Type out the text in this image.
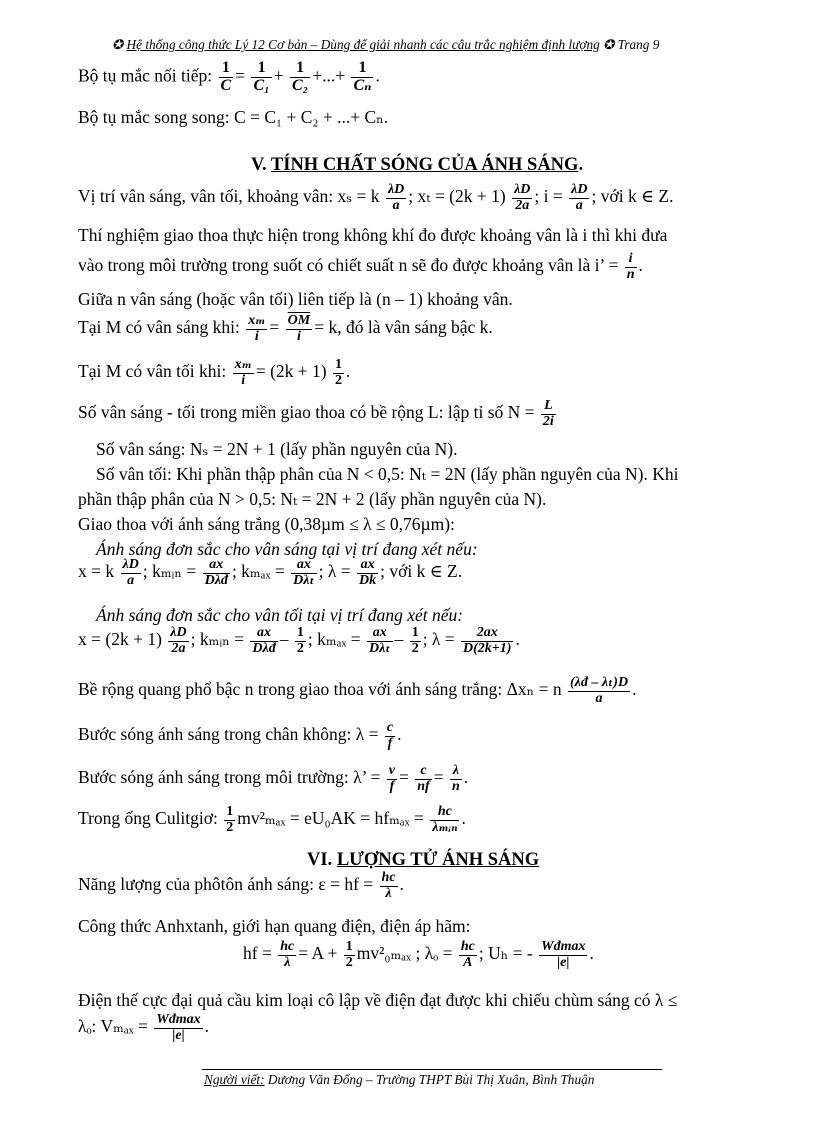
✪ Hệ thống công thức Lý 12 Cơ bản – Dùng để giải nhanh các câu trắc nghiệm định lượng ✪ Trang 9
Bộ tụ mắc nối tiếp: $\frac{1}{C} = \frac{1}{\text{C₁}} + \frac{1}{\text{C₂}}$ +...+ $\frac{1}{\text{Cₙ}}$ .
Bộ tụ mắc song song: C = C₁ + C₂ + ...+ Cₙ.
V. TÍNH CHẤT SÓNG CỦA ÁNH SÁNG.
Vị trí vân sáng, vân tối, khoảng vân: xₛ = k $\frac{\lambda D}{a}$ ; $x_t = (2k + 1) \frac{\lambda D}{2a}$ ; $i = \frac{\lambda D}{a}$ ; với k ∈ Z.
Thí nghiệm giao thoa thực hiện trong không khí đo được khoảng vân là i thì khi đưa
vào trong môi trường trong suốt có chiết suất n sẽ đo được khoảng vân là i’ = $\frac{i}{n}$ .
Giữa n vân sáng (hoặc vân tối) liên tiếp là (n – 1) khoảng vân.
Tại M có vân sáng khi: $\frac{\text{xₘ}}{i} = \frac{\overline{OM}}{i} = k$, đó là vân sáng bậc k.
Tại M có vân tối khi: $\frac{\text{xₘ}}{i} = (2k + 1) \frac{1}{2}$ .
Số vân sáng - tối trong miền giao thoa có bề rộng L: lập tỉ số $N = \frac{L}{2i}$
Số vân sáng: Nₛ = 2N + 1 (lấy phần nguyên của N).
Số vân tối: Khi phần thập phân của N < 0,5: Nₜ = 2N (lấy phần nguyên của N). Khi
phần thập phân của N > 0,5: Nₜ = 2N + 2 (lấy phần nguyên của N).
Giao thoa với ánh sáng trắng (0,38µm ≤ λ ≤ 0,76µm):
Ánh sáng đơn sắc cho vân sáng tại vị trí đang xét nếu:
x = k $\frac{\lambda D}{a}$ ; kₘᵢₙ = $\frac{ax}{\text{Dλđ}}$ ; $k_{max} = \frac{ax}{\text{Dλₜ}}$ ; $\lambda = \frac{ax}{Dk}$ ; với k ∈ Z.
Ánh sáng đơn sắc cho vân tối tại vị trí đang xét nếu:
$x = (2k + 1) \frac{\lambda D}{2a}$ ; kₘᵢₙ = $\frac{ax}{\text{Dλđ}} - \frac{1}{2}$ ; $k_{max} = \frac{ax}{\text{Dλₜ}} - \frac{1}{2}$ ; $\lambda = \frac{2ax}{D(2k+1)}$ .
Bề rộng quang phổ bậc n trong giao thoa với ánh sáng trắng: Δxₙ = n $\frac{\text{(λđ – λₜ)D}}{a}$ .
Bước sóng ánh sáng trong chân không: $\lambda = \frac{c}{f}$ .
Bước sóng ánh sáng trong môi trường: λ’ = $\frac{v}{f} = \frac{c}{nf} = \frac{\lambda}{n}$ .
Trong ống Culitgiơ: $\frac{1}{2} mv^2_{max} = eU_0AK = hf_{max} = \frac{hc}{\text{λₘᵢₙ}}$ .
VI. LƯỢNG TỬ ÁNH SÁNG
Năng lượng của phôtôn ánh sáng: ε = hf = $\frac{hc}{\lambda}$ .
Công thức Anhxtanh, giới hạn quang điện, điện áp hãm:
hf = $\frac{hc}{\lambda} = A + \frac{1}{2} mv^2_{0max}$ ; $\lambda_o = \frac{hc}{A}$ ; Uₕ = - $\frac{Wđ\max}{|e|}$ .
Điện thế cực đại quả cầu kim loại cô lập về điện đạt được khi chiếu chùm sáng có λ ≤
λₒ: $V_{max} = \frac{Wđ\max}{|e|}$ .
Người viết: Dương Văn Đổng – Trường THPT Bùi Thị Xuân, Bình Thuận
